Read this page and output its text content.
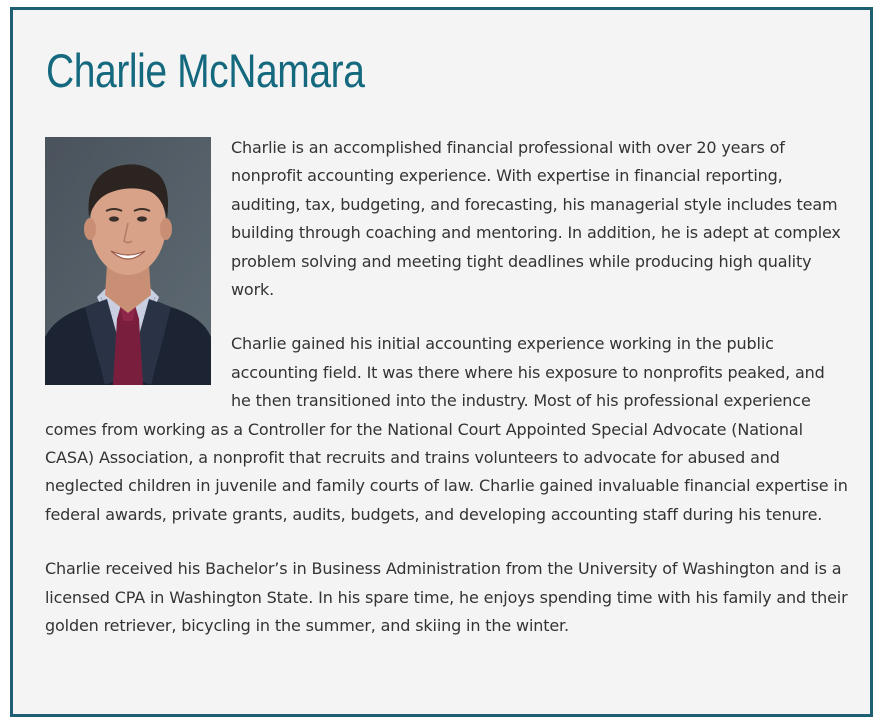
Charlie McNamara

Charlie is an accomplished financial professional with over 20 years of nonprofit accounting experience. With expertise in financial reporting, auditing, tax, budgeting, and forecasting, his managerial style includes team building through coaching and mentoring. In addition, he is adept at complex problem solving and meeting tight deadlines while producing high quality work.

Charlie gained his initial accounting experience working in the public accounting field. It was there where his exposure to nonprofits peaked, and he then transitioned into the industry. Most of his professional experience comes from working as a Controller for the National Court Appointed Special Advocate (National CASA) Association, a nonprofit that recruits and trains volunteers to advocate for abused and neglected children in juvenile and family courts of law. Charlie gained invaluable financial expertise in federal awards, private grants, audits, budgets, and developing accounting staff during his tenure.

Charlie received his Bachelor’s in Business Administration from the University of Washington and is a licensed CPA in Washington State. In his spare time, he enjoys spending time with his family and their golden retriever, bicycling in the summer, and skiing in the winter.
